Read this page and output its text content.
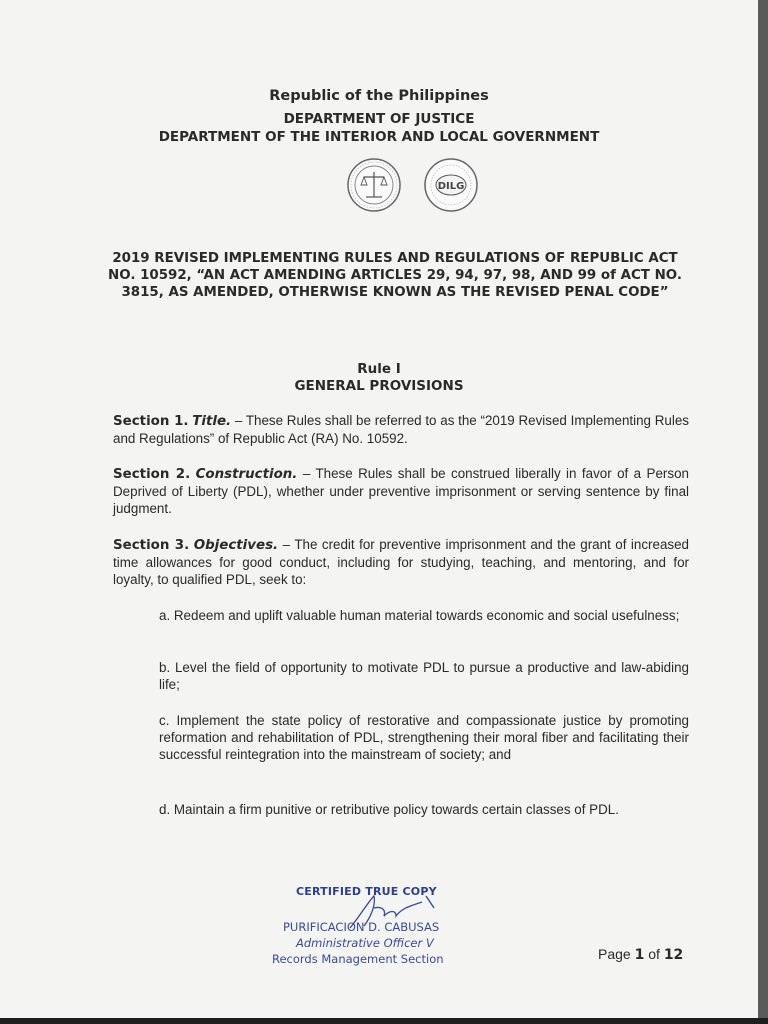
Republic of the Philippines
DEPARTMENT OF JUSTICE
DEPARTMENT OF THE INTERIOR AND LOCAL GOVERNMENT
DILG
2019 REVISED IMPLEMENTING RULES AND REGULATIONS OF REPUBLIC ACT NO. 10592, “AN ACT AMENDING ARTICLES 29, 94, 97, 98, AND 99 of ACT NO. 3815, AS AMENDED, OTHERWISE KNOWN AS THE REVISED PENAL CODE”
Rule I
GENERAL PROVISIONS
Section 1. Title. – These Rules shall be referred to as the “2019 Revised Implementing Rules and Regulations” of Republic Act (RA) No. 10592.
Section 2. Construction. – These Rules shall be construed liberally in favor of a Person Deprived of Liberty (PDL), whether under preventive imprisonment or serving sentence by final judgment.
Section 3. Objectives. – The credit for preventive imprisonment and the grant of increased time allowances for good conduct, including for studying, teaching, and mentoring, and for loyalty, to qualified PDL, seek to:
a. Redeem and uplift valuable human material towards economic and social usefulness;
b. Level the field of opportunity to motivate PDL to pursue a productive and law-abiding life;
c. Implement the state policy of restorative and compassionate justice by promoting reformation and rehabilitation of PDL, strengthening their moral fiber and facilitating their successful reintegration into the mainstream of society; and
d. Maintain a firm punitive or retributive policy towards certain classes of PDL.
CERTIFIED TRUE COPY
PURIFICACION D. CABUSAS
Administrative Officer V
Records Management Section	Page 1 of 12
